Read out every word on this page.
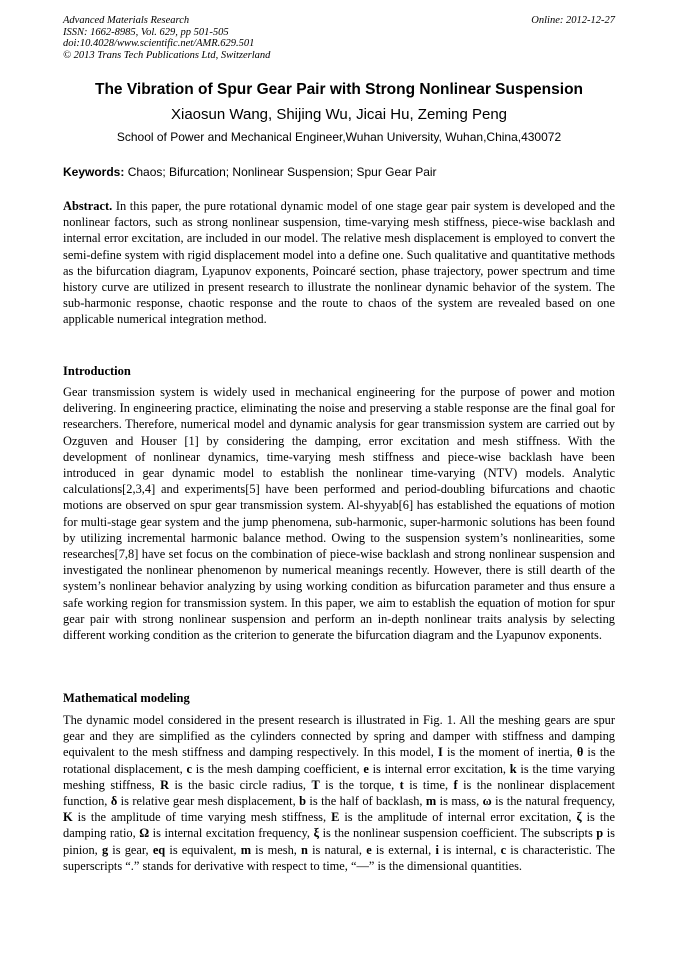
Advanced Materials Research
ISSN: 1662-8985, Vol. 629, pp 501-505
doi:10.4028/www.scientific.net/AMR.629.501
© 2013 Trans Tech Publications Ltd, Switzerland
Online: 2012-12-27
The Vibration of Spur Gear Pair with Strong Nonlinear Suspension
Xiaosun Wang, Shijing Wu, Jicai Hu, Zeming Peng
School of Power and Mechanical Engineer,Wuhan University, Wuhan,China,430072
Keywords: Chaos; Bifurcation; Nonlinear Suspension; Spur Gear Pair
Abstract. In this paper, the pure rotational dynamic model of one stage gear pair system is developed and the nonlinear factors, such as strong nonlinear suspension, time-varying mesh stiffness, piece-wise backlash and internal error excitation, are included in our model. The relative mesh displacement is employed to convert the semi-define system with rigid displacement model into a define one. Such qualitative and quantitative methods as the bifurcation diagram, Lyapunov exponents, Poincaré section, phase trajectory, power spectrum and time history curve are utilized in present research to illustrate the nonlinear dynamic behavior of the system. The sub-harmonic response, chaotic response and the route to chaos of the system are revealed based on one applicable numerical integration method.
Introduction
Gear transmission system is widely used in mechanical engineering for the purpose of power and motion delivering. In engineering practice, eliminating the noise and preserving a stable response are the final goal for researchers. Therefore, numerical model and dynamic analysis for gear transmission system are carried out by Ozguven and Houser [1] by considering the damping, error excitation and mesh stiffness. With the development of nonlinear dynamics, time-varying mesh stiffness and piece-wise backlash have been introduced in gear dynamic model to establish the nonlinear time-varying (NTV) models. Analytic calculations[2,3,4] and experiments[5] have been performed and period-doubling bifurcations and chaotic motions are observed on spur gear transmission system. Al-shyyab[6] has established the equations of motion for multi-stage gear system and the jump phenomena, sub-harmonic, super-harmonic solutions has been found by utilizing incremental harmonic balance method. Owing to the suspension system’s nonlinearities, some researches[7,8] have set focus on the combination of piece-wise backlash and strong nonlinear suspension and investigated the nonlinear phenomenon by numerical meanings recently. However, there is still dearth of the system’s nonlinear behavior analyzing by using working condition as bifurcation parameter and thus ensure a safe working region for transmission system. In this paper, we aim to establish the equation of motion for spur gear pair with strong nonlinear suspension and perform an in-depth nonlinear traits analysis by selecting different working condition as the criterion to generate the bifurcation diagram and the Lyapunov exponents.
Mathematical modeling
The dynamic model considered in the present research is illustrated in Fig. 1. All the meshing gears are spur gear and they are simplified as the cylinders connected by spring and damper with stiffness and damping equivalent to the mesh stiffness and damping respectively. In this model, I is the moment of inertia, θ is the rotational displacement, c is the mesh damping coefficient, e is internal error excitation, k is the time varying meshing stiffness, R is the basic circle radius, T is the torque, t is time, f is the nonlinear displacement function, δ is relative gear mesh displacement, b is the half of backlash, m is mass, ω is the natural frequency, K is the amplitude of time varying mesh stiffness, E is the amplitude of internal error excitation, ζ is the damping ratio, Ω is internal excitation frequency, ξ is the nonlinear suspension coefficient. The subscripts p is pinion, g is gear, eq is equivalent, m is mesh, n is natural, e is external, i is internal, c is characteristic. The superscripts “.” stands for derivative with respect to time, “—” is the dimensional quantities.
